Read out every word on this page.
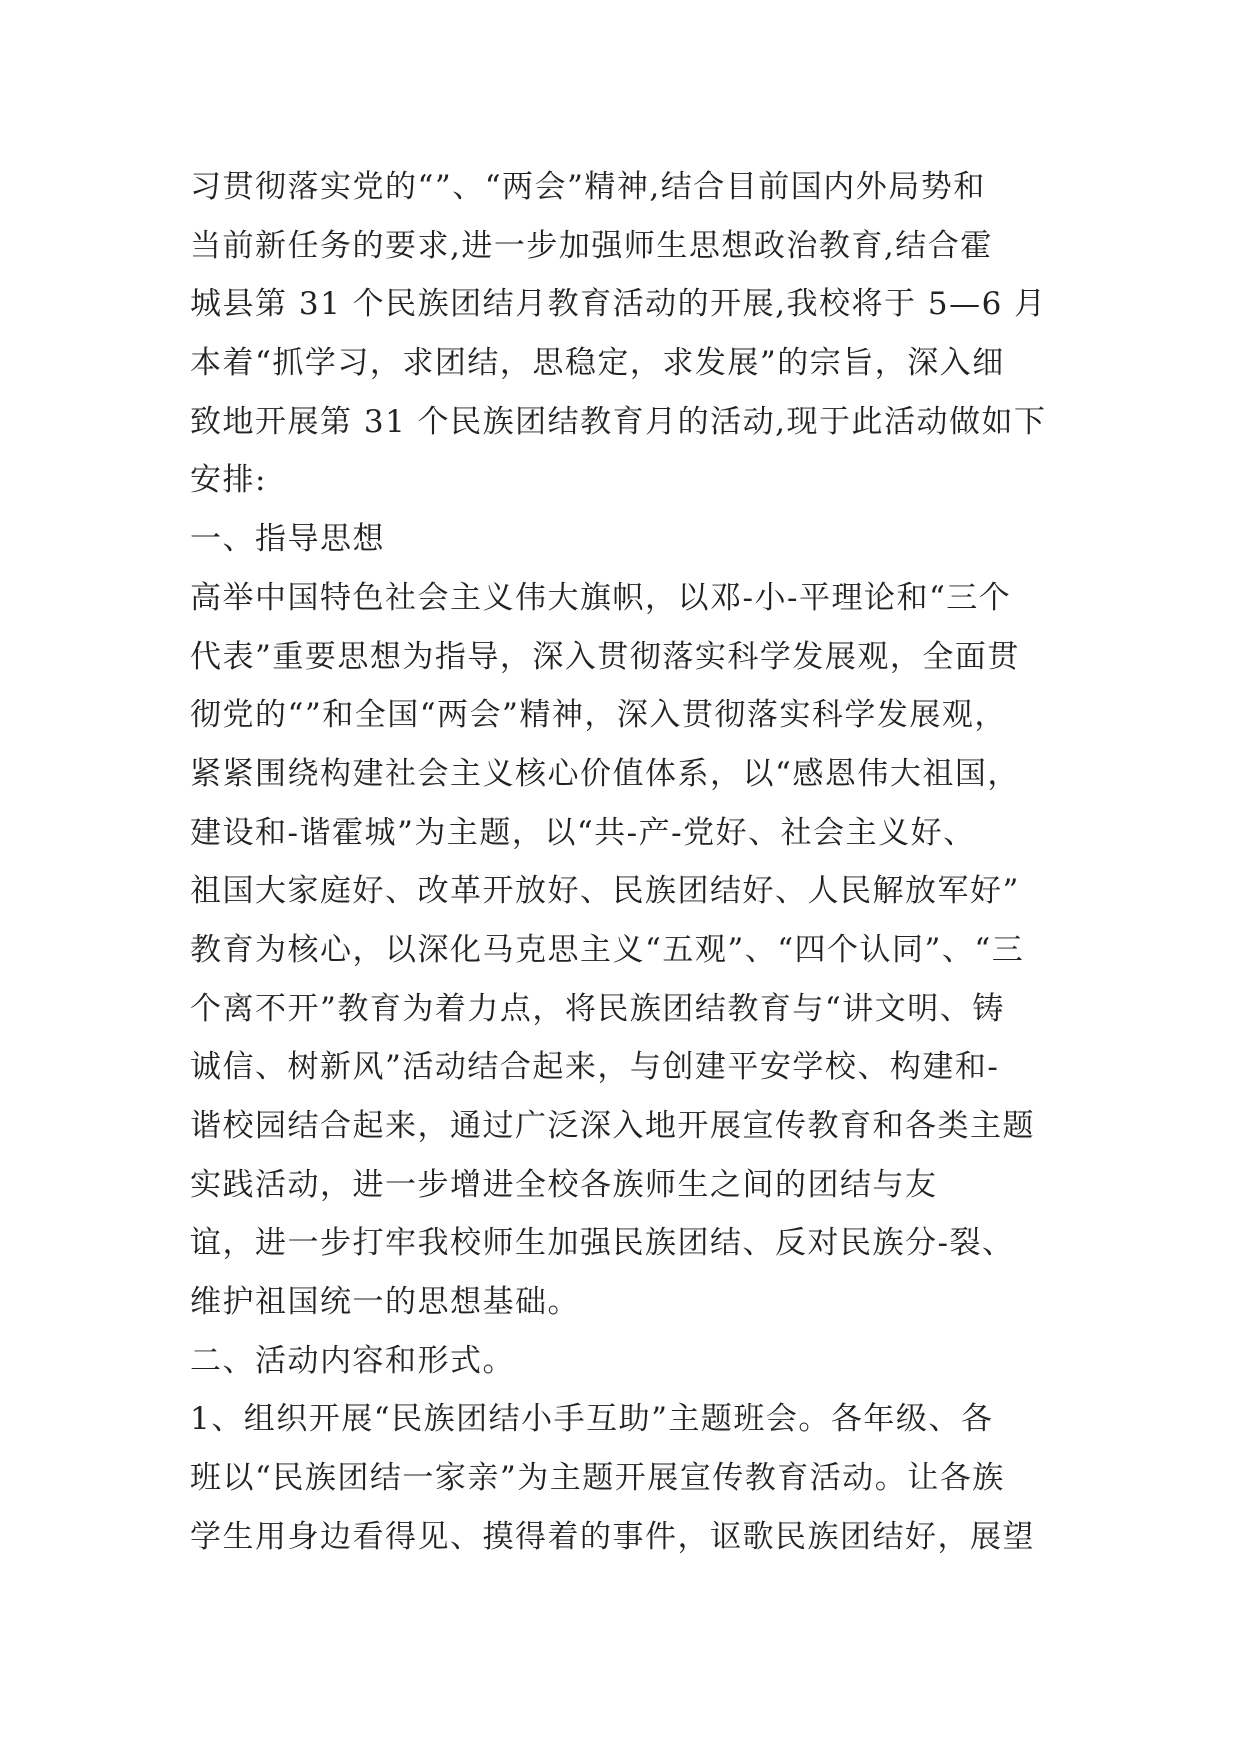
习贯彻落实党的“”、“两会”精神,结合目前国内外局势和
当前新任务的要求,进一步加强师生思想政治教育,结合霍
城县第 31 个民族团结月教育活动的开展,我校将于 5—6 月
本着“抓学习，求团结，思稳定，求发展”的宗旨，深入细
致地开展第 31 个民族团结教育月的活动,现于此活动做如下
安排:
一、指导思想
高举中国特色社会主义伟大旗帜，以邓-小-平理论和“三个
代表”重要思想为指导，深入贯彻落实科学发展观，全面贯
彻党的“”和全国“两会”精神，深入贯彻落实科学发展观，
紧紧围绕构建社会主义核心价值体系，以“感恩伟大祖国，
建设和-谐霍城”为主题，以“共-产-党好、社会主义好、
祖国大家庭好、改革开放好、民族团结好、人民解放军好”
教育为核心，以深化马克思主义“五观”、“四个认同”、“三
个离不开”教育为着力点，将民族团结教育与“讲文明、铸
诚信、树新风”活动结合起来，与创建平安学校、构建和-
谐校园结合起来，通过广泛深入地开展宣传教育和各类主题
实践活动，进一步增进全校各族师生之间的团结与友
谊，进一步打牢我校师生加强民族团结、反对民族分-裂、
维护祖国统一的思想基础。
二、活动内容和形式。
1、组织开展“民族团结小手互助”主题班会。各年级、各
班以“民族团结一家亲”为主题开展宣传教育活动。让各族
学生用身边看得见、摸得着的事件，讴歌民族团结好，展望
